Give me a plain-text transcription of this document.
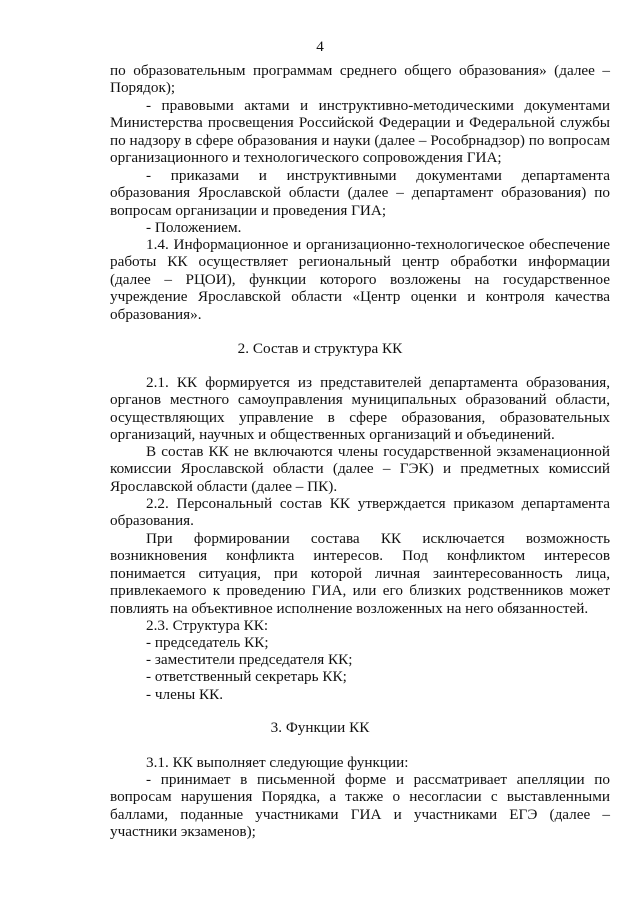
4
по образовательным программам среднего общего образования» (далее – Порядок);
- правовыми актами и инструктивно-методическими документами Министерства просвещения Российской Федерации и Федеральной службы по надзору в сфере образования и науки (далее – Рособрнадзор) по вопросам организационного и технологического сопровождения ГИА;
- приказами и инструктивными документами департамента образования Ярославской области (далее – департамент образования) по вопросам организации и проведения ГИА;
- Положением.
1.4. Информационное и организационно-технологическое обеспечение работы КК осуществляет региональный центр обработки информации (далее – РЦОИ), функции которого возложены на государственное учреждение Ярославской области «Центр оценки и контроля качества образования».
2. Состав и структура КК
2.1. КК формируется из представителей департамента образования, органов местного самоуправления муниципальных образований области, осуществляющих управление в сфере образования, образовательных организаций, научных и общественных организаций и объединений.
В состав КК не включаются члены государственной экзаменационной комиссии Ярославской области (далее – ГЭК) и предметных комиссий Ярославской области (далее – ПК).
2.2. Персональный состав КК утверждается приказом департамента образования.
При формировании состава КК исключается возможность возникновения конфликта интересов. Под конфликтом интересов понимается ситуация, при которой личная заинтересованность лица, привлекаемого к проведению ГИА, или его близких родственников может повлиять на объективное исполнение возложенных на него обязанностей.
2.3. Структура КК:
- председатель КК;
- заместители председателя КК;
- ответственный секретарь КК;
- члены КК.
3. Функции КК
3.1. КК выполняет следующие функции:
- принимает в письменной форме и рассматривает апелляции по вопросам нарушения Порядка, а также о несогласии с выставленными баллами, поданные участниками ГИА и участниками ЕГЭ (далее – участники экзаменов);
